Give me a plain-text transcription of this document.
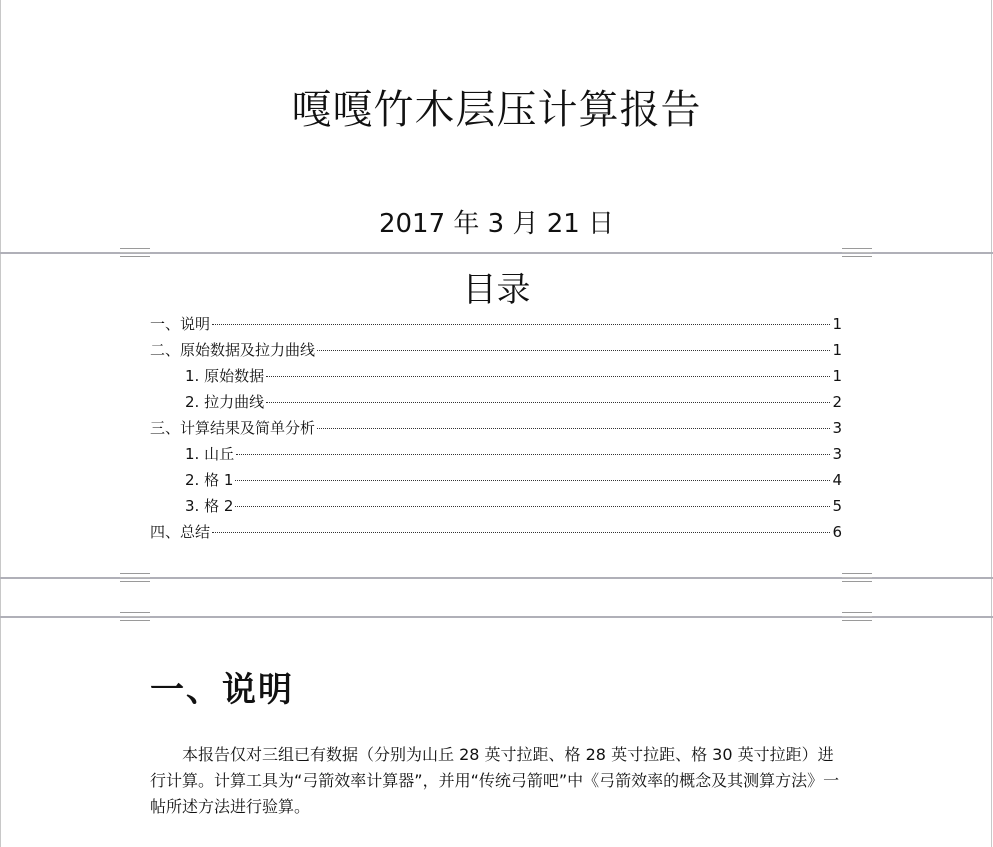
嘎嘎竹木层压计算报告
2017 年 3 月 21 日
目录
一、说明	1
二、原始数据及拉力曲线	1
1. 原始数据	1
2. 拉力曲线	2
三、计算结果及简单分析	3
1. 山丘	3
2. 格 1	4
3. 格 2	5
四、总结	6
一、说明
本报告仅对三组已有数据（分别为山丘 28 英寸拉距、格 28 英寸拉距、格 30 英寸拉距）进行计算。计算工具为“弓箭效率计算器”，并用“传统弓箭吧”中《弓箭效率的概念及其测算方法》一帖所述方法进行验算。
